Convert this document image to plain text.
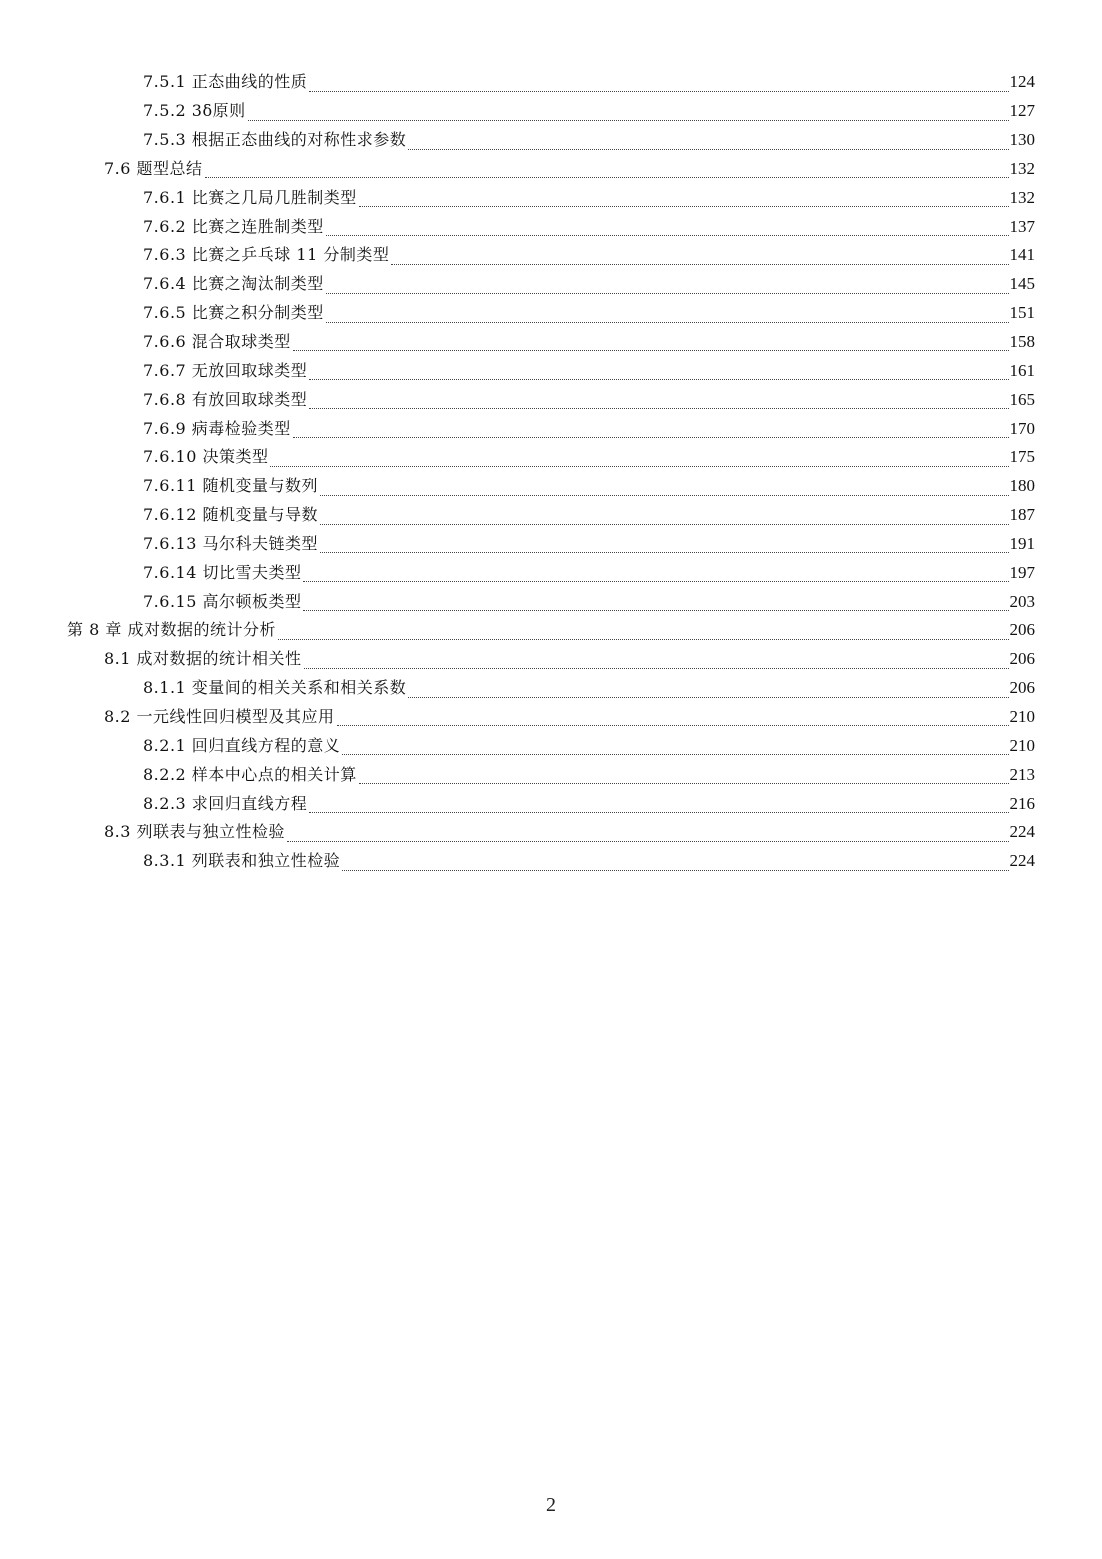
7.5.1 正态曲线的性质	124
7.5.2 3δ原则	127
7.5.3 根据正态曲线的对称性求参数	130
7.6 题型总结	132
7.6.1 比赛之几局几胜制类型	132
7.6.2 比赛之连胜制类型	137
7.6.3 比赛之乒乓球 11 分制类型	141
7.6.4 比赛之淘汰制类型	145
7.6.5 比赛之积分制类型	151
7.6.6 混合取球类型	158
7.6.7 无放回取球类型	161
7.6.8 有放回取球类型	165
7.6.9 病毒检验类型	170
7.6.10 决策类型	175
7.6.11 随机变量与数列	180
7.6.12 随机变量与导数	187
7.6.13 马尔科夫链类型	191
7.6.14 切比雪夫类型	197
7.6.15 高尔顿板类型	203
第 8 章 成对数据的统计分析	206
8.1 成对数据的统计相关性	206
8.1.1 变量间的相关关系和相关系数	206
8.2 一元线性回归模型及其应用	210
8.2.1 回归直线方程的意义	210
8.2.2 样本中心点的相关计算	213
8.2.3 求回归直线方程	216
8.3 列联表与独立性检验	224
8.3.1 列联表和独立性检验	224
2
